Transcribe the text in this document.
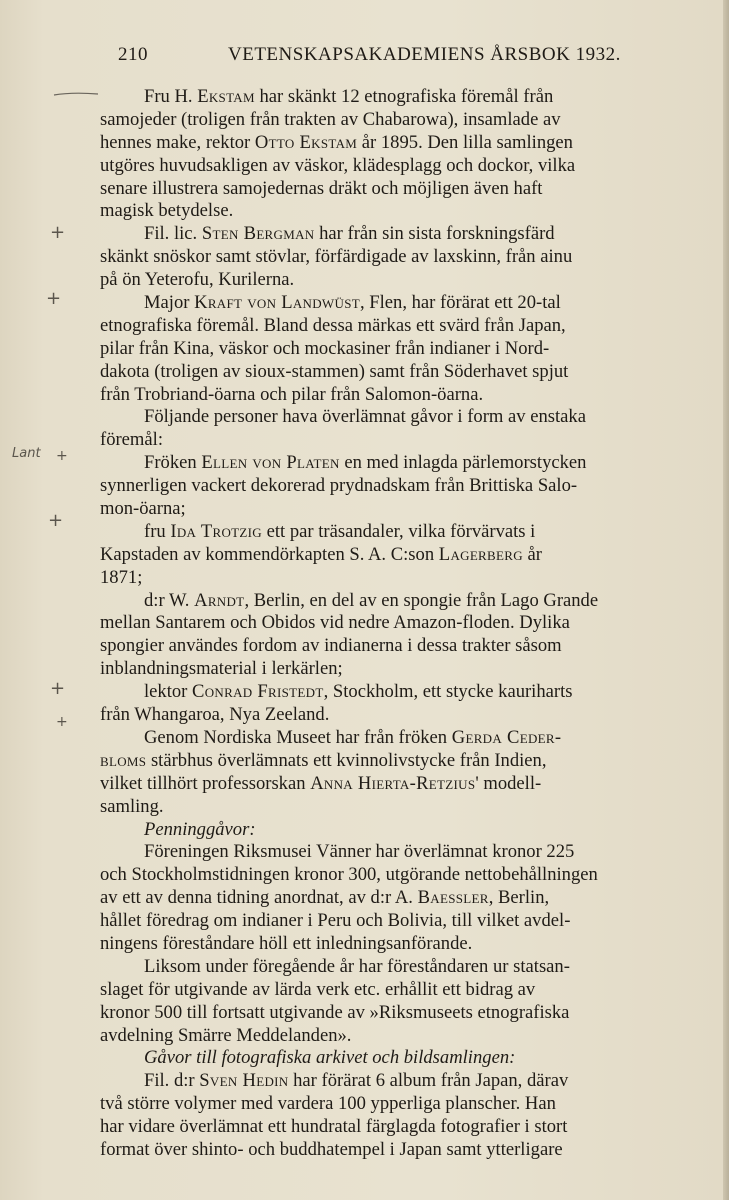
210	VETENSKAPSAKADEMIENS ÅRSBOK 1932.
+
+
Lant +
+
+
+
Fru H. Ekstam har skänkt 12 etnografiska föremål från
samojeder (troligen från trakten av Chabarowa), insamlade av
hennes make, rektor Otto Ekstam år 1895. Den lilla samlingen
utgöres huvudsakligen av väskor, klädesplagg och dockor, vilka
senare illustrera samojedernas dräkt och möjligen även haft
magisk betydelse.
Fil. lic. Sten Bergman har från sin sista forskningsfärd
skänkt snöskor samt stövlar, förfärdigade av laxskinn, från ainu
på ön Yeterofu, Kurilerna.
Major Kraft von Landwüst, Flen, har förärat ett 20-tal
etnografiska föremål. Bland dessa märkas ett svärd från Japan,
pilar från Kina, väskor och mockasiner från indianer i Nord-
dakota (troligen av sioux-stammen) samt från Söderhavet spjut
från Trobriand-öarna och pilar från Salomon-öarna.
Följande personer hava överlämnat gåvor i form av enstaka
föremål:
Fröken Ellen von Platen en med inlagda pärlemorstycken
synnerligen vackert dekorerad prydnadskam från Brittiska Salo-
mon-öarna;
fru Ida Trotzig ett par träsandaler, vilka förvärvats i
Kapstaden av kommendörkapten S. A. C:son Lagerberg år
1871;
d:r W. Arndt, Berlin, en del av en spongie från Lago Grande
mellan Santarem och Obidos vid nedre Amazon-floden. Dylika
spongier användes fordom av indianerna i dessa trakter såsom
inblandningsmaterial i lerkärlen;
lektor Conrad Fristedt, Stockholm, ett stycke kauriharts
från Whangaroa, Nya Zeeland.
Genom Nordiska Museet har från fröken Gerda Ceder-
bloms stärbhus överlämnats ett kvinnolivstycke från Indien,
vilket tillhört professorskan Anna Hierta-Retzius' modell-
samling.
Penninggåvor:
Föreningen Riksmusei Vänner har överlämnat kronor 225
och Stockholmstidningen kronor 300, utgörande nettobehållningen
av ett av denna tidning anordnat, av d:r A. Baessler, Berlin,
hållet föredrag om indianer i Peru och Bolivia, till vilket avdel-
ningens föreståndare höll ett inledningsanförande.
Liksom under föregående år har föreståndaren ur statsan-
slaget för utgivande av lärda verk etc. erhållit ett bidrag av
kronor 500 till fortsatt utgivande av »Riksmuseets etnografiska
avdelning Smärre Meddelanden».
Gåvor till fotografiska arkivet och bildsamlingen:
Fil. d:r Sven Hedin har förärat 6 album från Japan, därav
två större volymer med vardera 100 ypperliga planscher. Han
har vidare överlämnat ett hundratal färglagda fotografier i stort
format över shinto- och buddhatempel i Japan samt ytterligare
